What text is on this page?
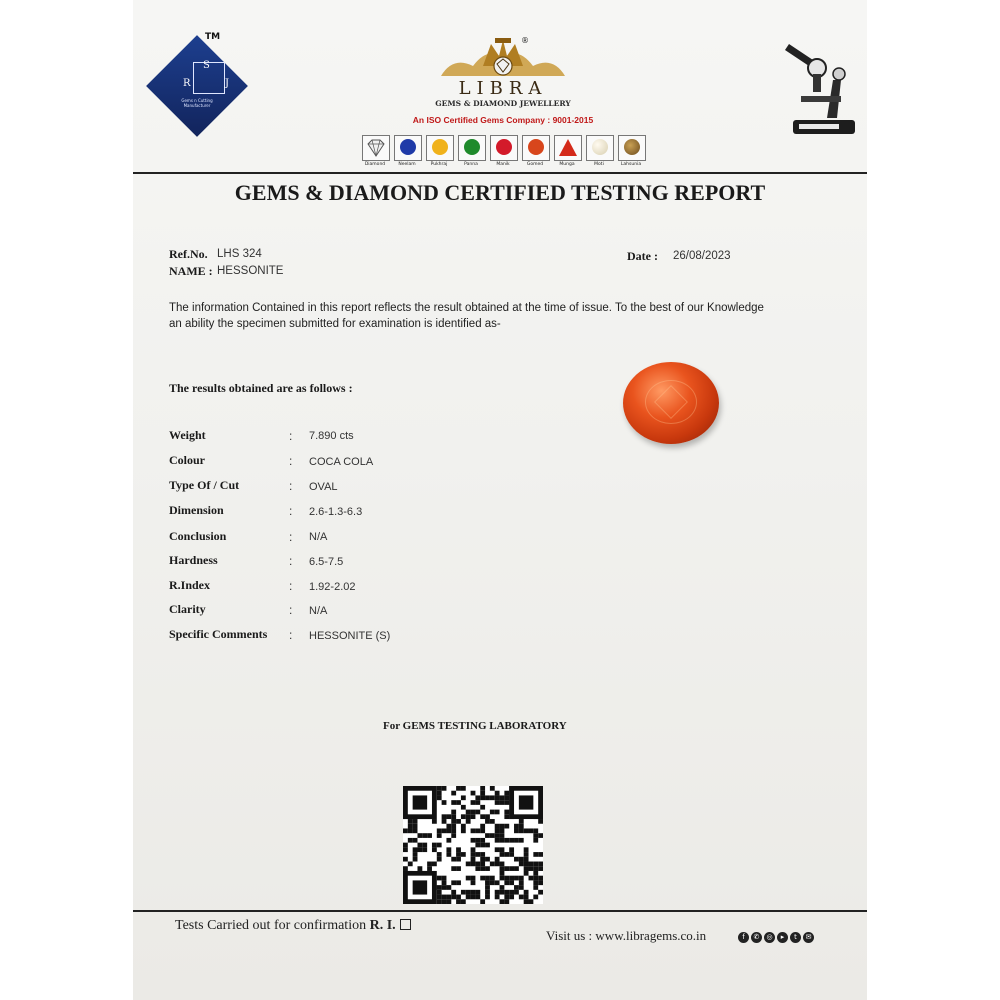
S
R	J
Gems n Cutting Manufacturer
TM	®
LIBRA
GEMS & DIAMOND JEWELLERY
An ISO Certified Gems Company : 9001-2015
Diamond	Neelam	Pukhraj	Panna	Manik	Gomed	Munga	Moti	Lahsunia
GEMS & DIAMOND CERTIFIED TESTING REPORT
Ref.No. LHS 324
NAME : HESSONITE
Date : 26/08/2023
The information Contained in this report reflects the result obtained at the time of issue. To the best of our Knowledge an ability the specimen submitted for examination is identified as-
The results obtained are as follows :
Weight	: 7.890 cts
Colour	: COCA COLA
Type Of / Cut	: OVAL
Dimension	: 2.6-1.3-6.3
Conclusion	: N/A
Hardness	: 6.5-7.5
R.Index	: 1.92-2.02
Clarity	: N/A
Specific Comments	: HESSONITE (S)
For GEMS TESTING LABORATORY
Tests Carried out for confirmation R. I.
Visit us : www.libragems.co.in	f	✆	◎	▸	t	✉
